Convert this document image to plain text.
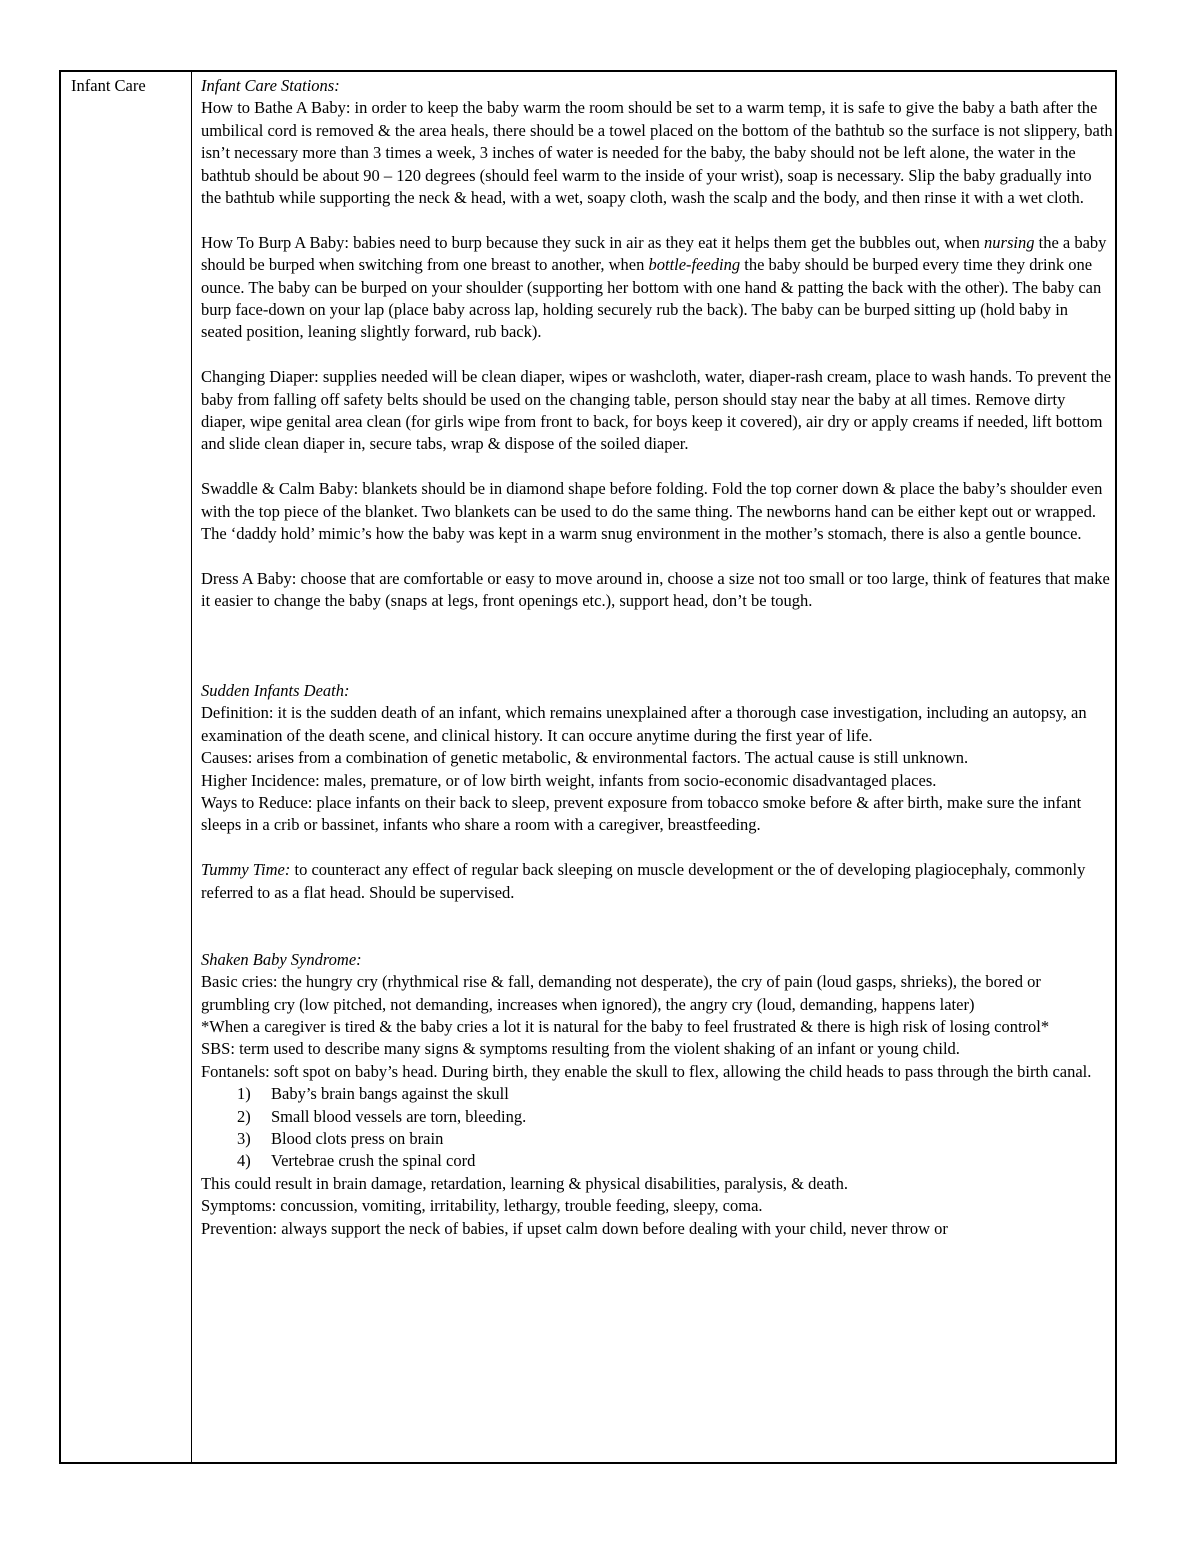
Infant Care	Infant Care Stations:

How to Bathe A Baby: in order to keep the baby warm the room should be set to a warm temp, it is safe to give the baby a bath after the umbilical cord is removed & the area heals, there should be a towel placed on the bottom of the bathtub so the surface is not slippery, bath isn’t necessary more than 3 times a week, 3 inches of water is needed for the baby, the baby should not be left alone, the water in the bathtub should be about 90 – 120 degrees (should feel warm to the inside of your wrist), soap is necessary. Slip the baby gradually into the bathtub while supporting the neck & head, with a wet, soapy cloth, wash the scalp and the body, and then rinse it with a wet cloth.

How To Burp A Baby: babies need to burp because they suck in air as they eat it helps them get the bubbles out, when nursing the a baby should be burped when switching from one breast to another, when bottle-feeding the baby should be burped every time they drink one ounce. The baby can be burped on your shoulder (supporting her bottom with one hand & patting the back with the other). The baby can burp face-down on your lap (place baby across lap, holding securely rub the back). The baby can be burped sitting up (hold baby in seated position, leaning slightly forward, rub back).

Changing Diaper: supplies needed will be clean diaper, wipes or washcloth, water, diaper-rash cream, place to wash hands. To prevent the baby from falling off safety belts should be used on the changing table, person should stay near the baby at all times. Remove dirty diaper, wipe genital area clean (for girls wipe from front to back, for boys keep it covered), air dry or apply creams if needed, lift bottom and slide clean diaper in, secure tabs, wrap & dispose of the soiled diaper.

Swaddle & Calm Baby: blankets should be in diamond shape before folding. Fold the top corner down & place the baby’s shoulder even with the top piece of the blanket. Two blankets can be used to do the same thing. The newborns hand can be either kept out or wrapped. The ‘daddy hold’ mimic’s how the baby was kept in a warm snug environment in the mother’s stomach, there is also a gentle bounce.

Dress A Baby: choose that are comfortable or easy to move around in, choose a size not too small or too large, think of features that make it easier to change the baby (snaps at legs, front openings etc.), support head, don’t be tough.

Sudden Infants Death:

Definition: it is the sudden death of an infant, which remains unexplained after a thorough case investigation, including an autopsy, an examination of the death scene, and clinical history. It can occure anytime during the first year of life.

Causes: arises from a combination of genetic metabolic, & environmental factors. The actual cause is still unknown.

Higher Incidence: males, premature, or of low birth weight, infants from socio-economic disadvantaged places.

Ways to Reduce: place infants on their back to sleep, prevent exposure from tobacco smoke before & after birth, make sure the infant sleeps in a crib or bassinet, infants who share a room with a caregiver, breastfeeding.

Tummy Time: to counteract any effect of regular back sleeping on muscle development or the of developing plagiocephaly, commonly referred to as a flat head. Should be supervised.

Shaken Baby Syndrome:

Basic cries: the hungry cry (rhythmical rise & fall, demanding not desperate), the cry of pain (loud gasps, shrieks), the bored or grumbling cry (low pitched, not demanding, increases when ignored), the angry cry (loud, demanding, happens later)

*When a caregiver is tired & the baby cries a lot it is natural for the baby to feel frustrated & there is high risk of losing control*

SBS: term used to describe many signs & symptoms resulting from the violent shaking of an infant or young child.

Fontanels: soft spot on baby’s head. During birth, they enable the skull to flex, allowing the child heads to pass through the birth canal.

1) Baby’s brain bangs against the skull
2) Small blood vessels are torn, bleeding.
3) Blood clots press on brain
4) Vertebrae crush the spinal cord

This could result in brain damage, retardation, learning & physical disabilities, paralysis, & death.

Symptoms: concussion, vomiting, irritability, lethargy, trouble feeding, sleepy, coma.

Prevention: always support the neck of babies, if upset calm down before dealing with your child, never throw or
